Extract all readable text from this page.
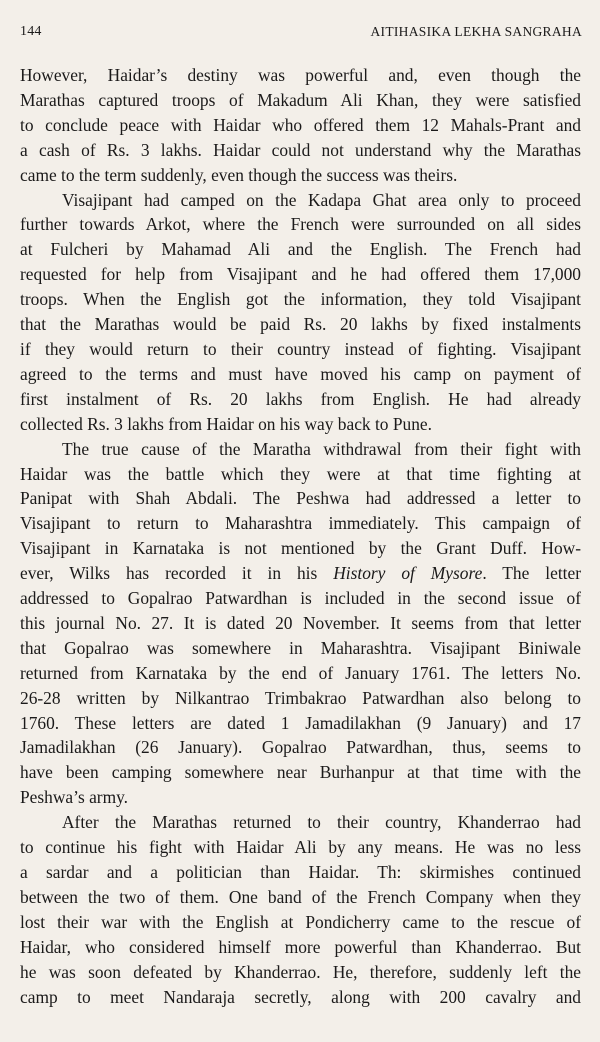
144	AITIHASIKA LEKHA SANGRAHA
However, Haidar’s destiny was powerful and, even though the
Marathas captured troops of Makadum Ali Khan, they were satisfied
to conclude peace with Haidar who offered them 12 Mahals-Prant and
a cash of Rs. 3 lakhs. Haidar could not understand why the Marathas
came to the term suddenly, even though the success was theirs.
Visajipant had camped on the Kadapa Ghat area only to proceed
further towards Arkot, where the French were surrounded on all sides
at Fulcheri by Mahamad Ali and the English. The French had
requested for help from Visajipant and he had offered them 17,000
troops. When the English got the information, they told Visajipant
that the Marathas would be paid Rs. 20 lakhs by fixed instalments
if they would return to their country instead of fighting. Visajipant
agreed to the terms and must have moved his camp on payment of
first instalment of Rs. 20 lakhs from English. He had already
collected Rs. 3 lakhs from Haidar on his way back to Pune.
The true cause of the Maratha withdrawal from their fight with
Haidar was the battle which they were at that time fighting at
Panipat with Shah Abdali. The Peshwa had addressed a letter to
Visajipant to return to Maharashtra immediately. This campaign of
Visajipant in Karnataka is not mentioned by the Grant Duff. How-
ever, Wilks has recorded it in his History of Mysore. The letter
addressed to Gopalrao Patwardhan is included in the second issue of
this journal No. 27. It is dated 20 November. It seems from that letter
that Gopalrao was somewhere in Maharashtra. Visajipant Biniwale
returned from Karnataka by the end of January 1761. The letters No.
26-28 written by Nilkantrao Trimbakrao Patwardhan also belong to
1760. These letters are dated 1 Jamadilakhan (9 January) and 17
Jamadilakhan (26 January). Gopalrao Patwardhan, thus, seems to
have been camping somewhere near Burhanpur at that time with the
Peshwa’s army.
After the Marathas returned to their country, Khanderrao had
to continue his fight with Haidar Ali by any means. He was no less
a sardar and a politician than Haidar. Th: skirmishes continued
between the two of them. One band of the French Company when they
lost their war with the English at Pondicherry came to the rescue of
Haidar, who considered himself more powerful than Khanderrao. But
he was soon defeated by Khanderrao. He, therefore, suddenly left the
camp to meet Nandaraja secretly, along with 200 cavalry and
